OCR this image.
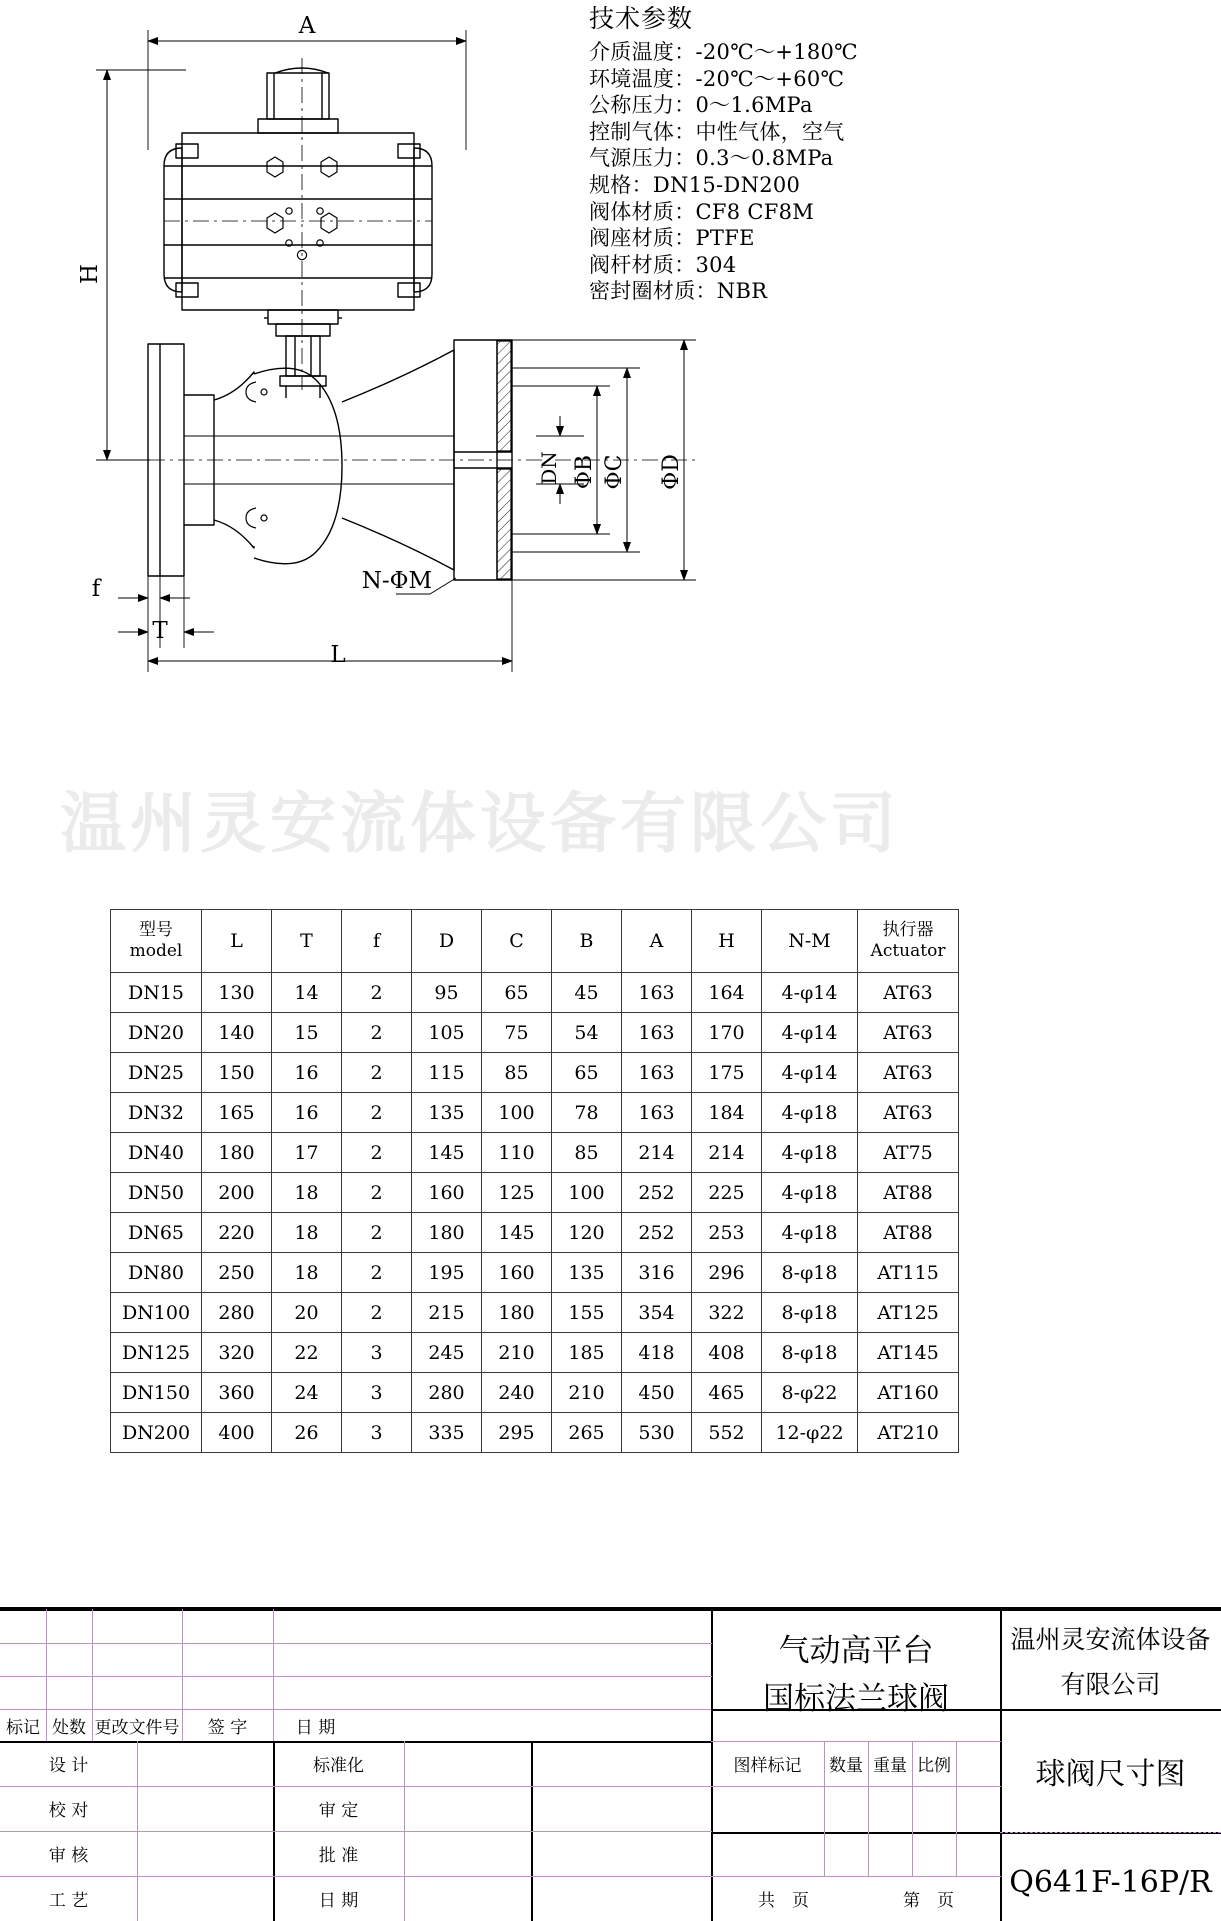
温州灵安流体设备有限公司
技术参数
介质温度：-20℃～+180℃
环境温度：-20℃～+60℃
公称压力：0～1.6MPa
控制气体：中性气体，空气
气源压力：0.3～0.8MPa
规格：DN15-DN200
阀体材质：CF8 CF8M
阀座材质：PTFE
阀杆材质：304
密封圈材质：NBR
A
L
T
f
H
DN ΦB ΦC ΦD
N-ΦM
型号
model	L	T	f	D	C	B	A	H	N-M	执行器
Actuator

DN15	130	14	2	95	65	45	163	164	4-φ14	AT63
DN20	140	15	2	105	75	54	163	170	4-φ14	AT63
DN25	150	16	2	115	85	65	163	175	4-φ14	AT63
DN32	165	16	2	135	100	78	163	184	4-φ18	AT63
DN40	180	17	2	145	110	85	214	214	4-φ18	AT75
DN50	200	18	2	160	125	100	252	225	4-φ18	AT88
DN65	220	18	2	180	145	120	252	253	4-φ18	AT88
DN80	250	18	2	195	160	135	316	296	8-φ18	AT115
DN100	280	20	2	215	180	155	354	322	8-φ18	AT125
DN125	320	22	3	245	210	185	418	408	8-φ18	AT145
DN150	360	24	3	280	240	210	450	465	8-φ22	AT160
DN200	400	26	3	335	295	265	530	552	12-φ22	AT210
标记 处数 更改文件号	签 字	日 期
设 计
校 对
审 核
工 艺
标准化
审 定
批 准
日 期
气动高平台
国标法兰球阀
图样标记	数量 重量 比例
共　页	第　页
温州灵安流体设备
有限公司
球阀尺寸图
Q641F-16P/R
